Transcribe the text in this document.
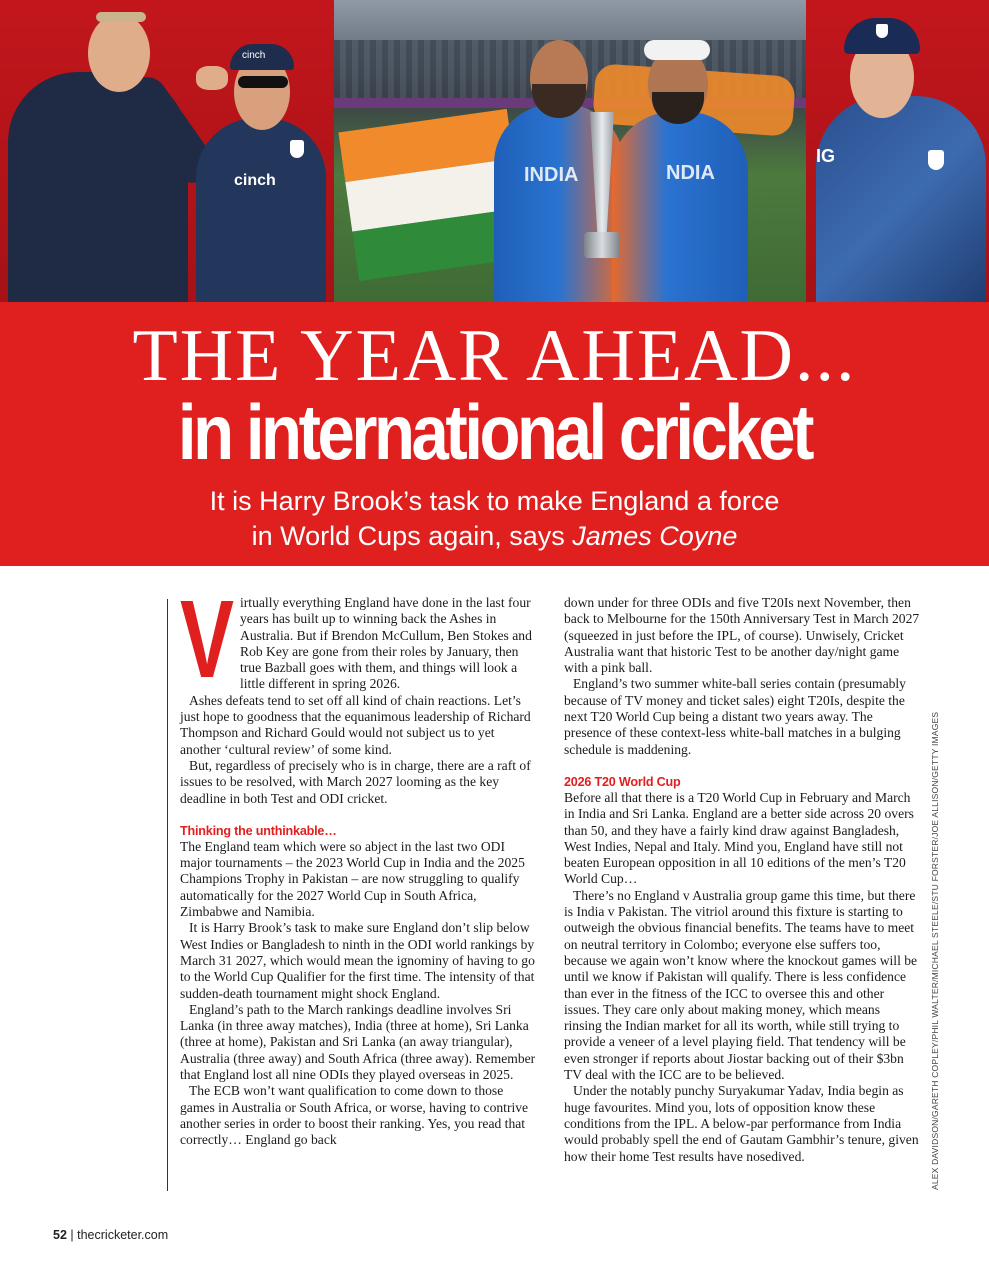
cinch
cinch	INDIA	NDIA
IG
THE YEAR AHEAD...
in international cricket
It is Harry Brook’s task to make England a force
in World Cups again, says James Coyne
V irtually everything England have done in the last four years has built up to winning back the Ashes in Australia. But if Brendon McCullum, Ben Stokes and Rob Key are gone from their roles by January, then true Bazball goes with them, and things will look a little different in spring 2026.

Ashes defeats tend to set off all kind of chain reactions. Let’s just hope to goodness that the equanimous leadership of Richard Thompson and Richard Gould would not subject us to yet another ‘cultural review’ of some kind.

But, regardless of precisely who is in charge, there are a raft of issues to be resolved, with March 2027 looming as the key deadline in both Test and ODI cricket.

Thinking the unthinkable…

The England team which were so abject in the last two ODI major tournaments – the 2023 World Cup in India and the 2025 Champions Trophy in Pakistan – are now struggling to qualify automatically for the 2027 World Cup in South Africa, Zimbabwe and Namibia.

It is Harry Brook’s task to make sure England don’t slip below West Indies or Bangladesh to ninth in the ODI world rankings by March 31 2027, which would mean the ignominy of having to go to the World Cup Qualifier for the first time. The intensity of that sudden-death tournament might shock England.

England’s path to the March rankings deadline involves Sri Lanka (in three away matches), India (three at home), Sri Lanka (three at home), Pakistan and Sri Lanka (an away triangular), Australia (three away) and South Africa (three away). Remember that England lost all nine ODIs they played overseas in 2025.

The ECB won’t want qualification to come down to those games in Australia or South Africa, or worse, having to contrive another series in order to boost their ranking. Yes, you read that correctly… England go back

down under for three ODIs and five T20Is next November, then back to Melbourne for the 150th Anniversary Test in March 2027 (squeezed in just before the IPL, of course). Unwisely, Cricket Australia want that historic Test to be another day/night game with a pink ball.

England’s two summer white-ball series contain (presumably because of TV money and ticket sales) eight T20Is, despite the next T20 World Cup being a distant two years away. The presence of these context-less white-ball matches in a bulging schedule is maddening.

2026 T20 World Cup

Before all that there is a T20 World Cup in February and March in India and Sri Lanka. England are a better side across 20 overs than 50, and they have a fairly kind draw against Bangladesh, West Indies, Nepal and Italy. Mind you, England have still not beaten European opposition in all 10 editions of the men’s T20 World Cup…

There’s no England v Australia group game this time, but there is India v Pakistan. The vitriol around this fixture is starting to outweigh the obvious financial benefits. The teams have to meet on neutral territory in Colombo; everyone else suffers too, because we again won’t know where the knockout games will be until we know if Pakistan will qualify. There is less confidence than ever in the fitness of the ICC to oversee this and other issues. They care only about making money, which means rinsing the Indian market for all its worth, while still trying to provide a veneer of a level playing field. That tendency will be even stronger if reports about Jiostar backing out of their $3bn TV deal with the ICC are to be believed.

Under the notably punchy Suryakumar Yadav, India begin as huge favourites. Mind you, lots of opposition know these conditions from the IPL. A below-par performance from India would probably spell the end of Gautam Gambhir’s tenure, given how their home Test results have nosedived.	ALEX DAVIDSON/GARETH COPLEY/PHIL WALTER/MICHAEL STEELE/STU FORSTER/JOE ALLISON/GETTY IMAGES
52 | thecricketer.com
